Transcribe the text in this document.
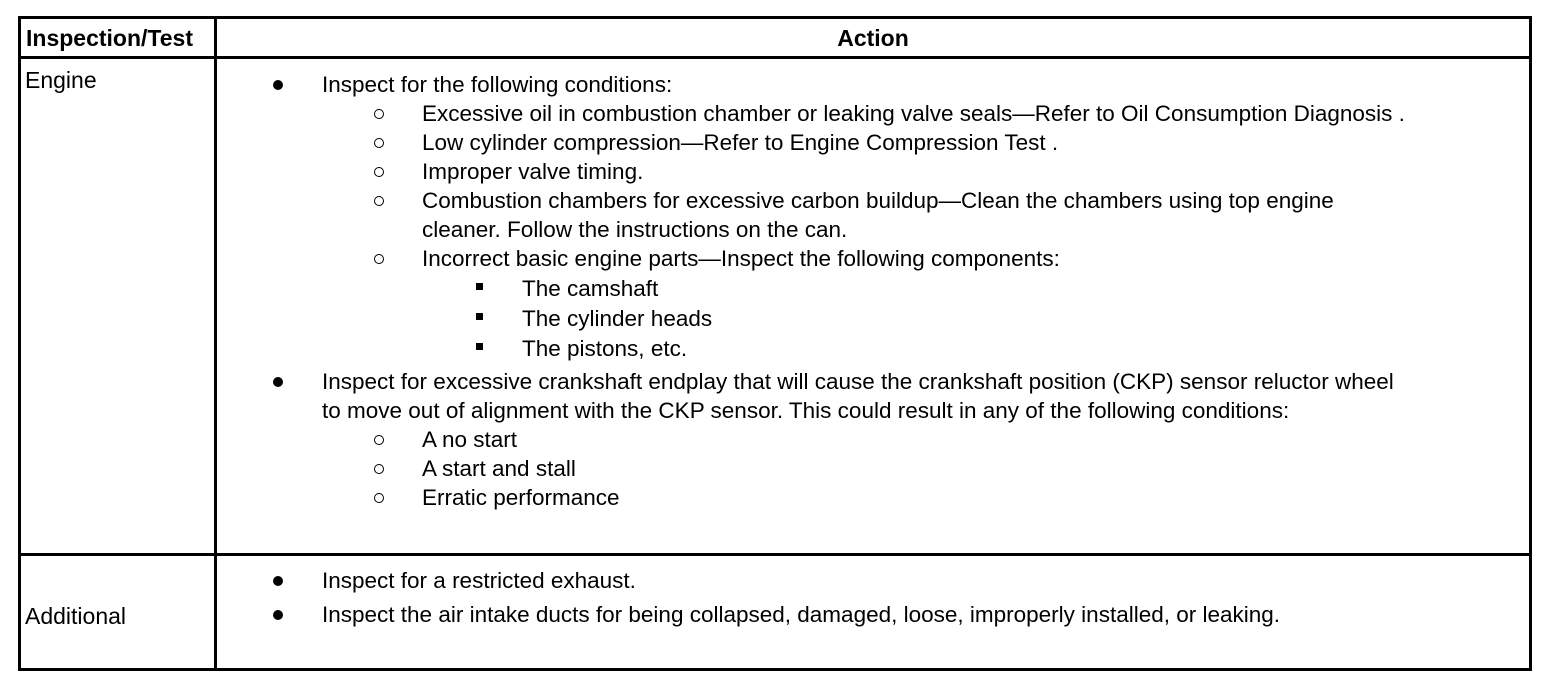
Inspection/Test	Action
Engine	Inspect for the following conditions:
Excessive oil in combustion chamber or leaking valve seals—Refer to Oil Consumption Diagnosis .
Low cylinder compression—Refer to Engine Compression Test .
Improper valve timing.
Combustion chambers for excessive carbon buildup—Clean the chambers using top engine
cleaner. Follow the instructions on the can.
Incorrect basic engine parts—Inspect the following components:
The camshaft
The cylinder heads
The pistons, etc.
Inspect for excessive crankshaft endplay that will cause the crankshaft position (CKP) sensor reluctor wheel
to move out of alignment with the CKP sensor. This could result in any of the following conditions:
A no start
A start and stall
Erratic performance
Additional
Inspect for a restricted exhaust.
Inspect the air intake ducts for being collapsed, damaged, loose, improperly installed, or leaking.
